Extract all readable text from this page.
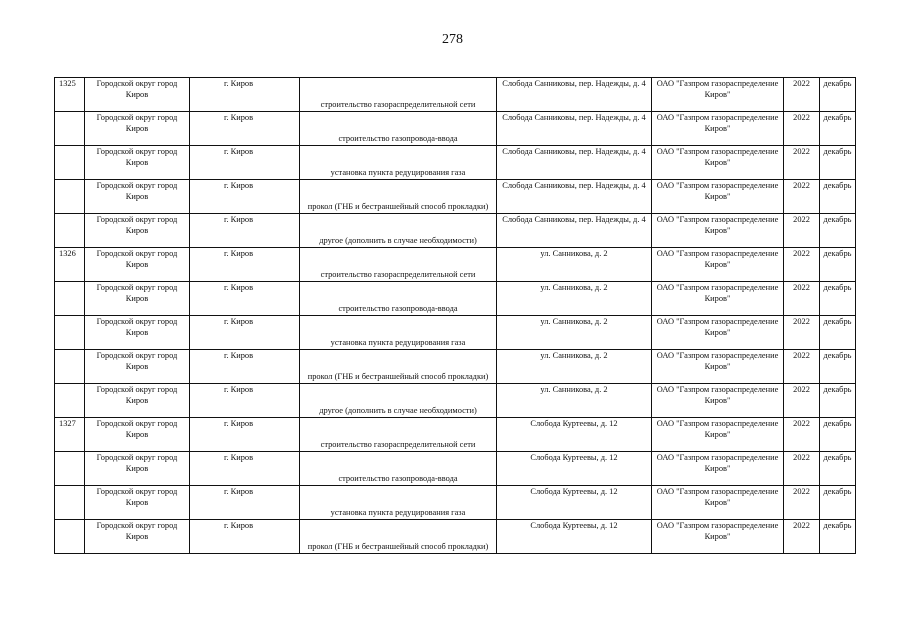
278
1325	Городской округ город Киров	г. Киров	строительство газораспределительной сети	Слобода Санниковы, пер. Надежды, д. 4	ОАО "Газпром газораспределение Киров"	2022	декабрь
	Городской округ город Киров	г. Киров	строительство газопровода-ввода	Слобода Санниковы, пер. Надежды, д. 4	ОАО "Газпром газораспределение Киров"	2022	декабрь
	Городской округ город Киров	г. Киров	установка пункта редуцирования газа	Слобода Санниковы, пер. Надежды, д. 4	ОАО "Газпром газораспределение Киров"	2022	декабрь
	Городской округ город Киров	г. Киров	прокол (ГНБ и бестраншейный способ прокладки)	Слобода Санниковы, пер. Надежды, д. 4	ОАО "Газпром газораспределение Киров"	2022	декабрь
	Городской округ город Киров	г. Киров	другое (дополнить в случае необходимости)	Слобода Санниковы, пер. Надежды, д. 4	ОАО "Газпром газораспределение Киров"	2022	декабрь
1326	Городской округ город Киров	г. Киров	строительство газораспределительной сети	ул. Санникова, д. 2	ОАО "Газпром газораспределение Киров"	2022	декабрь
	Городской округ город Киров	г. Киров	строительство газопровода-ввода	ул. Санникова, д. 2	ОАО "Газпром газораспределение Киров"	2022	декабрь
	Городской округ город Киров	г. Киров	установка пункта редуцирования газа	ул. Санникова, д. 2	ОАО "Газпром газораспределение Киров"	2022	декабрь
	Городской округ город Киров	г. Киров	прокол (ГНБ и бестраншейный способ прокладки)	ул. Санникова, д. 2	ОАО "Газпром газораспределение Киров"	2022	декабрь
	Городской округ город Киров	г. Киров	другое (дополнить в случае необходимости)	ул. Санникова, д. 2	ОАО "Газпром газораспределение Киров"	2022	декабрь
1327	Городской округ город Киров	г. Киров	строительство газораспределительной сети	Слобода Куртеевы, д. 12	ОАО "Газпром газораспределение Киров"	2022	декабрь
	Городской округ город Киров	г. Киров	строительство газопровода-ввода	Слобода Куртеевы, д. 12	ОАО "Газпром газораспределение Киров"	2022	декабрь
	Городской округ город Киров	г. Киров	установка пункта редуцирования газа	Слобода Куртеевы, д. 12	ОАО "Газпром газораспределение Киров"	2022	декабрь
	Городской округ город Киров	г. Киров	прокол (ГНБ и бестраншейный способ прокладки)	Слобода Куртеевы, д. 12	ОАО "Газпром газораспределение Киров"	2022	декабрь
